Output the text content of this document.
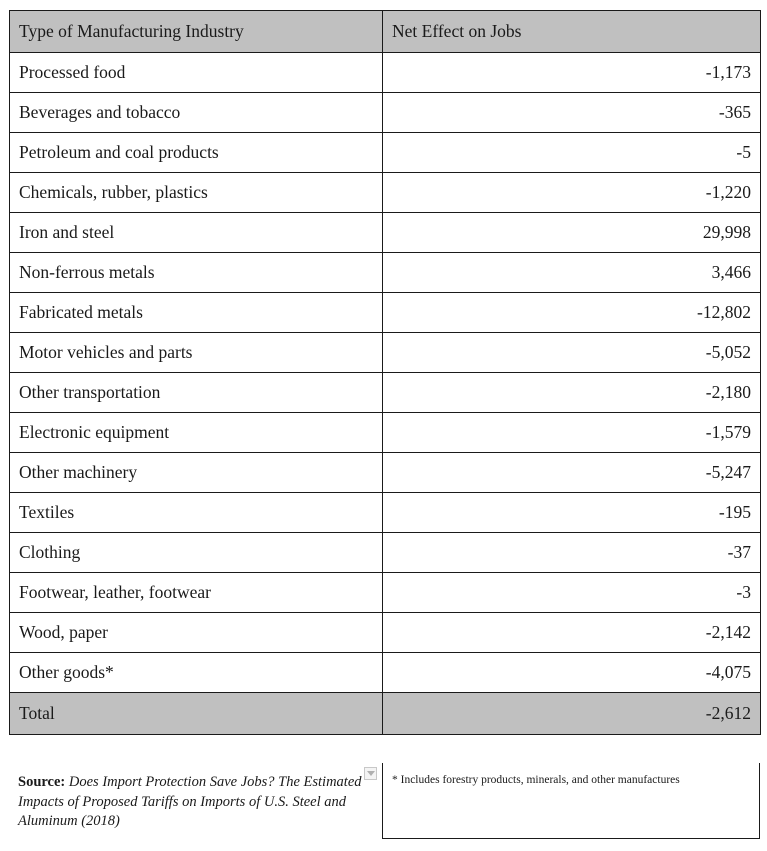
Type of Manufacturing Industry	Net Effect on Jobs
Processed food	-1,173
Beverages and tobacco	-365
Petroleum and coal products	-5
Chemicals, rubber, plastics	-1,220
Iron and steel	29,998
Non-ferrous metals	3,466
Fabricated metals	-12,802
Motor vehicles and parts	-5,052
Other transportation	-2,180
Electronic equipment	-1,579
Other machinery	-5,247
Textiles	-195
Clothing	-37
Footwear, leather, footwear	-3
Wood, paper	-2,142
Other goods*	-4,075
Total	-2,612
Source: Does Import Protection Save Jobs? The Estimated Impacts of Proposed Tariffs on Imports of U.S. Steel and Aluminum (2018)
* Includes forestry products, minerals, and other manufactures
